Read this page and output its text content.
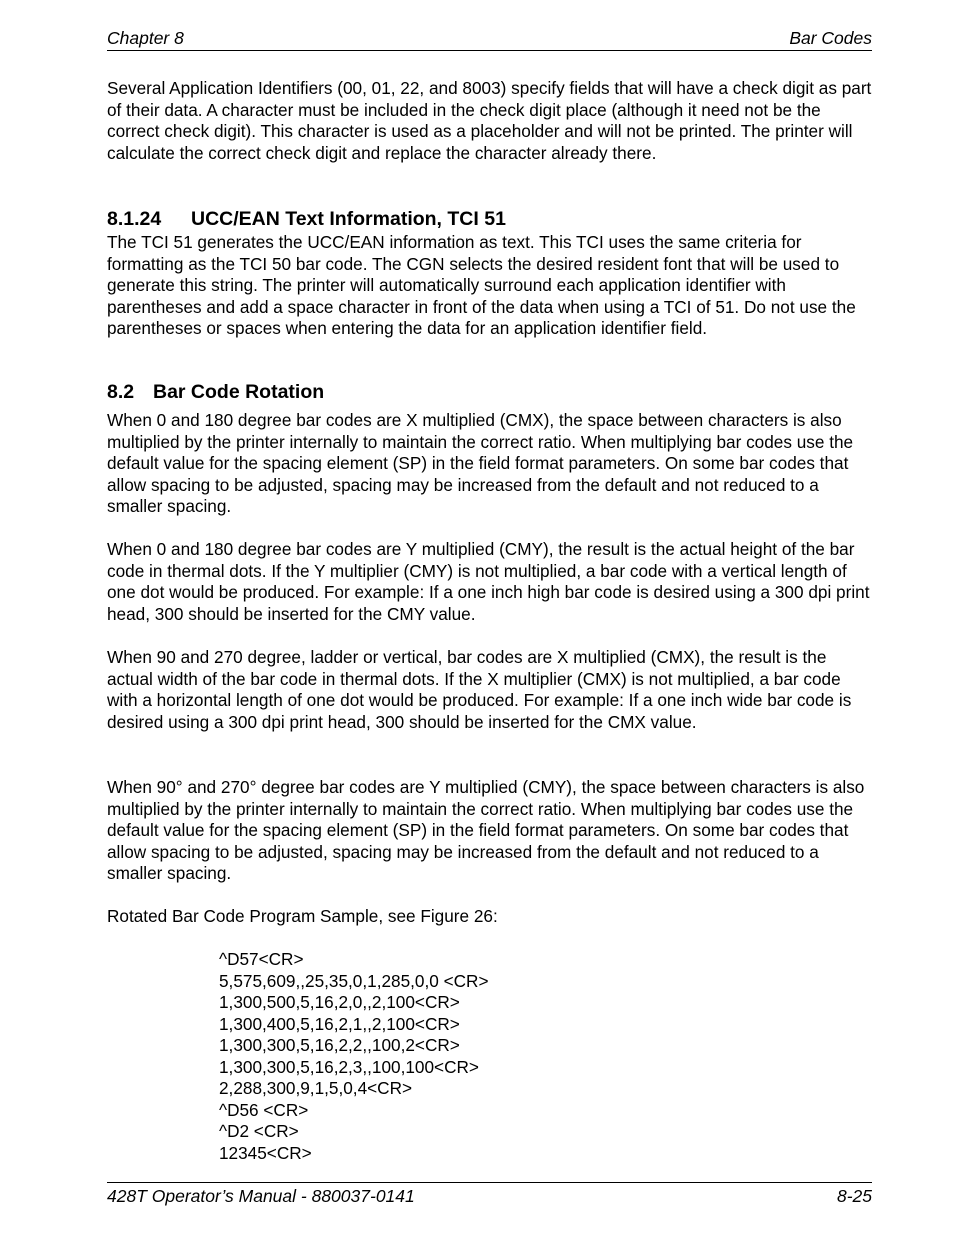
Chapter 8	Bar Codes

Several Application Identifiers (00, 01, 22, and 8003) specify fields that will have a check digit as part of their data. A character must be included in the check digit place (although it need not be the correct check digit). This character is used as a placeholder and will not be printed. The printer will calculate the correct check digit and replace the character already there.

8.1.24 UCC/EAN Text Information, TCI 51

The TCI 51 generates the UCC/EAN information as text. This TCI uses the same criteria for formatting as the TCI 50 bar code. The CGN selects the desired resident font that will be used to generate this string. The printer will automatically surround each application identifier with parentheses and add a space character in front of the data when using a TCI of 51. Do not use the parentheses or spaces when entering the data for an application identifier field.

8.2 Bar Code Rotation

When 0 and 180 degree bar codes are X multiplied (CMX), the space between characters is also multiplied by the printer internally to maintain the correct ratio. When multiplying bar codes use the default value for the spacing element (SP) in the field format parameters. On some bar codes that allow spacing to be adjusted, spacing may be increased from the default and not reduced to a smaller spacing.

When 0 and 180 degree bar codes are Y multiplied (CMY), the result is the actual height of the bar code in thermal dots. If the Y multiplier (CMY) is not multiplied, a bar code with a vertical length of one dot would be produced. For example: If a one inch high bar code is desired using a 300 dpi print head, 300 should be inserted for the CMY value.

When 90 and 270 degree, ladder or vertical, bar codes are X multiplied (CMX), the result is the actual width of the bar code in thermal dots. If the X multiplier (CMX) is not multiplied, a bar code with a horizontal length of one dot would be produced. For example: If a one inch wide bar code is desired using a 300 dpi print head, 300 should be inserted for the CMX value.

When 90° and 270° degree bar codes are Y multiplied (CMY), the space between characters is also multiplied by the printer internally to maintain the correct ratio. When multiplying bar codes use the default value for the spacing element (SP) in the field format parameters. On some bar codes that allow spacing to be adjusted, spacing may be increased from the default and not reduced to a smaller spacing.

Rotated Bar Code Program Sample, see Figure 26:

^D57<CR>
5,575,609,,25,35,0,1,285,0,0 <CR>
1,300,500,5,16,2,0,,2,100<CR>
1,300,400,5,16,2,1,,2,100<CR>
1,300,300,5,16,2,2,,100,2<CR>
1,300,300,5,16,2,3,,100,100<CR>
2,288,300,9,1,5,0,4<CR>
^D56 <CR>
^D2 <CR>
12345<CR>
428T Operator’s Manual - 880037-0141	8-25
